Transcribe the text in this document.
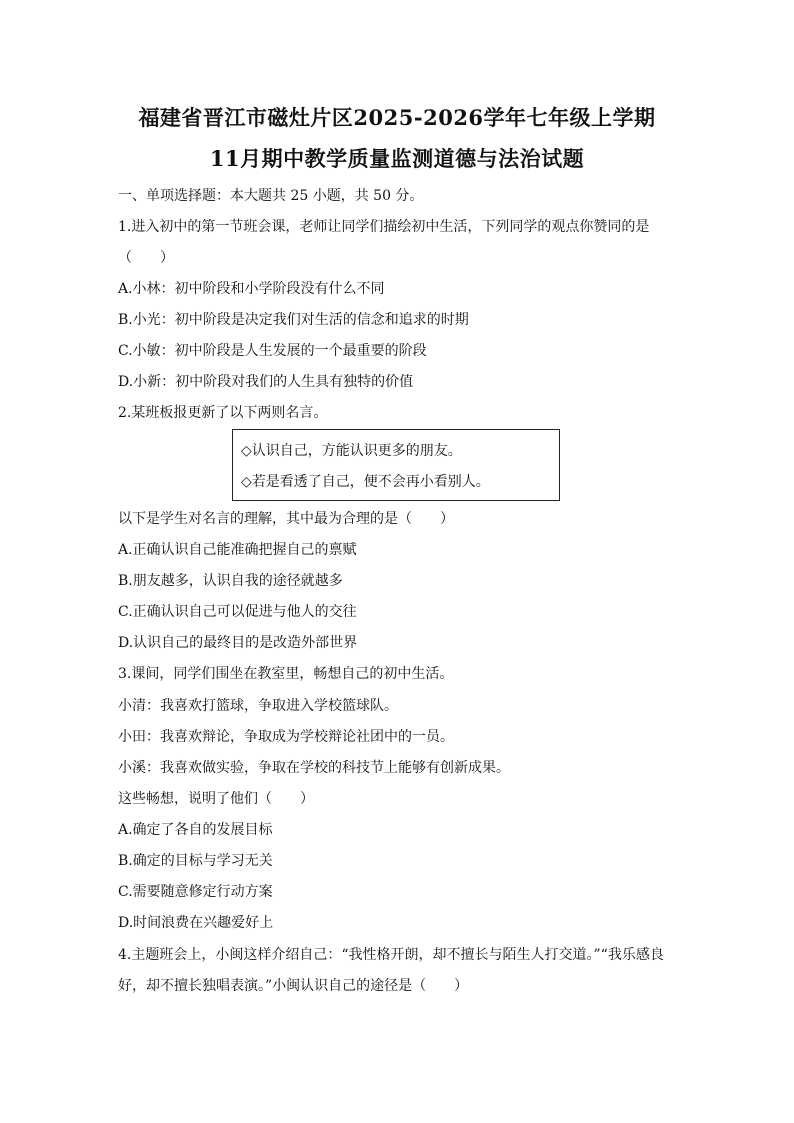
福建省晋江市磁灶片区2025-2026学年七年级上学期
11月期中教学质量监测道德与法治试题
一、单项选择题：本大题共 25 小题，共 50 分。
1.进入初中的第一节班会课，老师让同学们描绘初中生活，下列同学的观点你赞同的是
（　　）
A.小林：初中阶段和小学阶段没有什么不同
B.小光：初中阶段是决定我们对生活的信念和追求的时期
C.小敏：初中阶段是人生发展的一个最重要的阶段
D.小新：初中阶段对我们的人生具有独特的价值
2.某班板报更新了以下两则名言。
◇认识自己，方能认识更多的朋友。
◇若是看透了自己，便不会再小看别人。
以下是学生对名言的理解，其中最为合理的是（　　）
A.正确认识自己能准确把握自己的禀赋
B.朋友越多，认识自我的途径就越多
C.正确认识自己可以促进与他人的交往
D.认识自己的最终目的是改造外部世界
3.课间，同学们围坐在教室里，畅想自己的初中生活。
小清：我喜欢打篮球，争取进入学校篮球队。
小田：我喜欢辩论，争取成为学校辩论社团中的一员。
小溪：我喜欢做实验，争取在学校的科技节上能够有创新成果。
这些畅想，说明了他们（　　）
A.确定了各自的发展目标
B.确定的目标与学习无关
C.需要随意修定行动方案
D.时间浪费在兴趣爱好上
4.主题班会上，小闽这样介绍自己：“我性格开朗，却不擅长与陌生人打交道。”“我乐感良
好，却不擅长独唱表演。”小闽认识自己的途径是（　　）
